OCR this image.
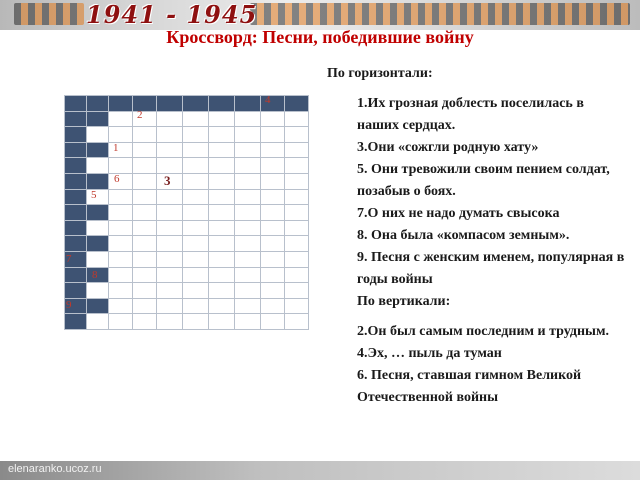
1941 - 1945
Кроссворд: Песни, победившие войну
1
2
3
4
5
6
7
8
9
По горизонтали:

1.Их грозная доблесть поселилась в наших сердцах.

3.Они «сожгли родную хату»

5. Они тревожили своим пением солдат, позабыв о боях.

7.О них не надо думать свысока

8. Она была «компасом земным».

9. Песня с женским именем, популярная в годы войны

По вертикали:

2.Он был самым последним и трудным.

4.Эх, … пыль да туман

6. Песня, ставшая гимном Великой Отечественной войны

elenaranko.ucoz.ru
